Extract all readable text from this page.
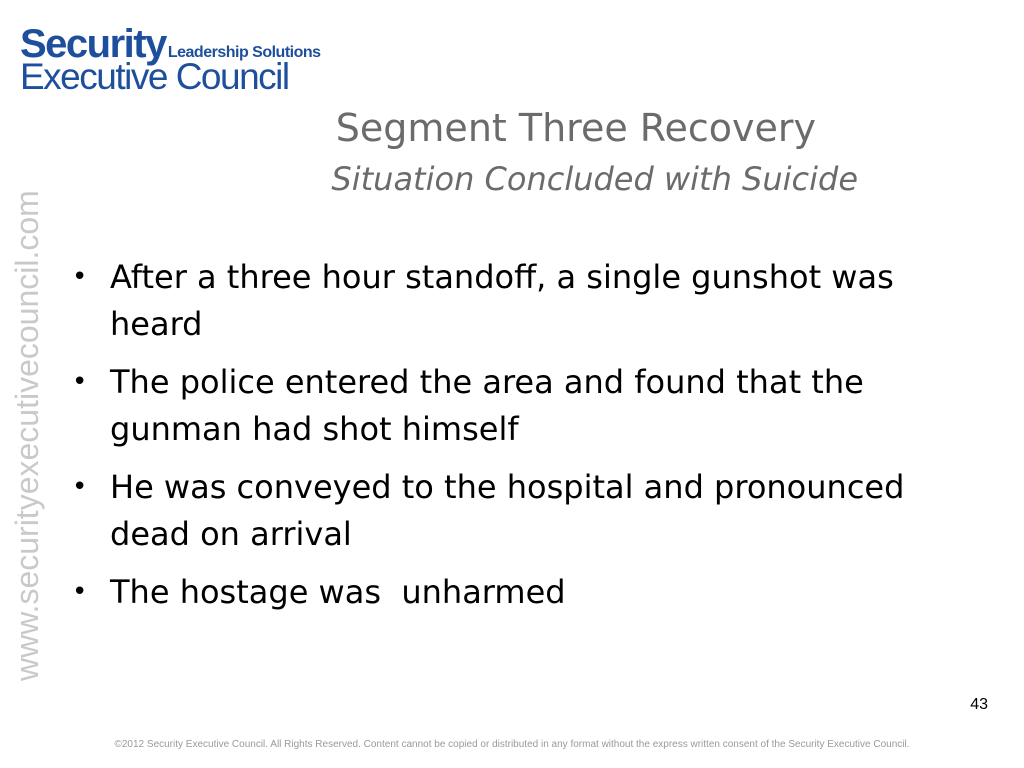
Security Leadership Solutions
Executive Council
www.securityexecutivecouncil.com
Segment Three Recovery
Situation Concluded with Suicide
• After a three hour standoff, a single gunshot was heard
• The police entered the area and found that the  gunman had shot himself
• He was conveyed to the hospital and pronounced dead on arrival
• The hostage was  unharmed
43
©2012 Security Executive Council. All Rights Reserved. Content cannot be copied or distributed in any format without the express written consent of the Security Executive Council.
